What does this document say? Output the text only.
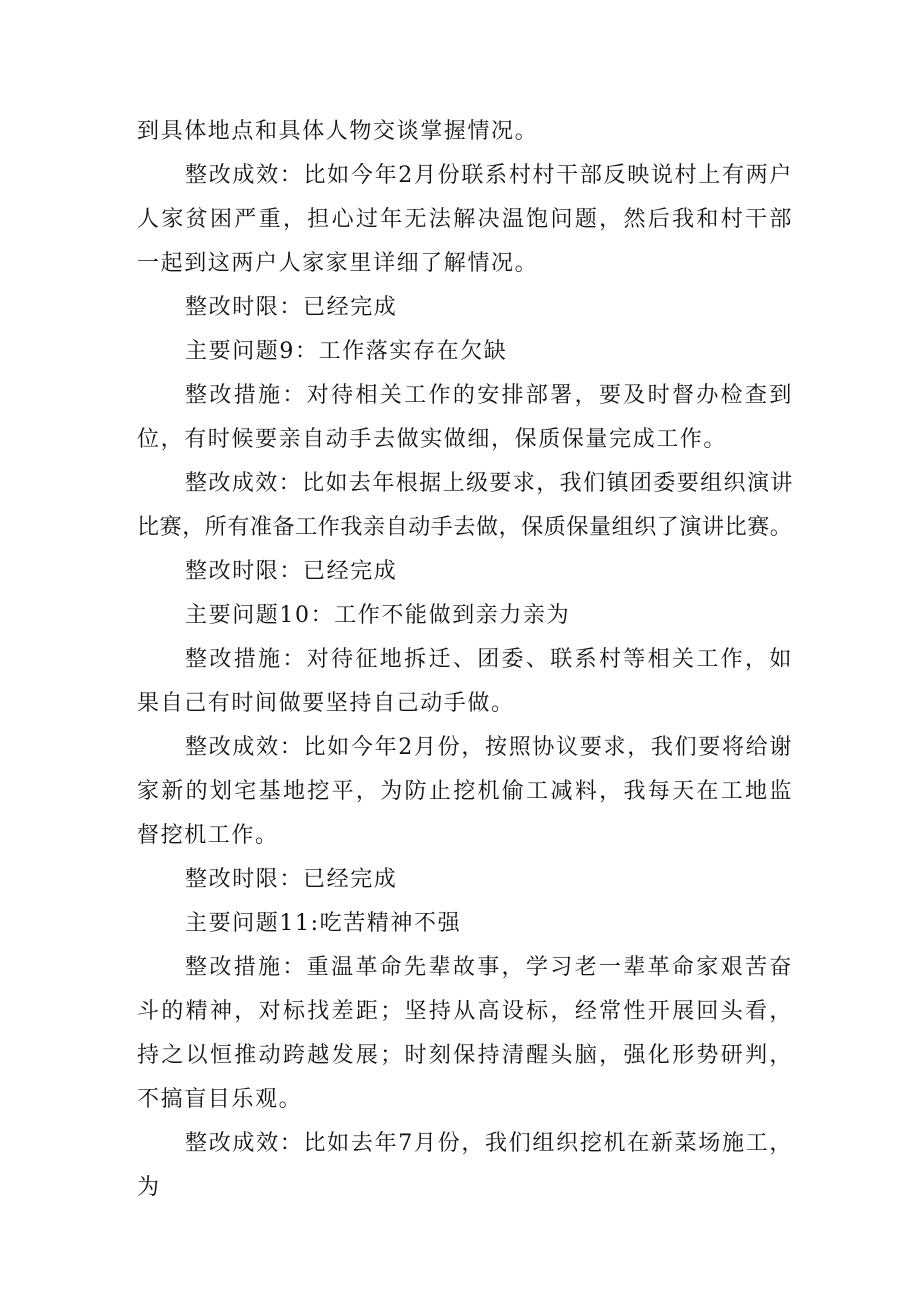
到具体地点和具体人物交谈掌握情况。

整改成效：比如今年2月份联系村村干部反映说村上有两户人家贫困严重，担心过年无法解决温饱问题，然后我和村干部一起到这两户人家家里详细了解情况。

整改时限：已经完成

主要问题9：工作落实存在欠缺

整改措施：对待相关工作的安排部署，要及时督办检查到位，有时候要亲自动手去做实做细，保质保量完成工作。

整改成效：比如去年根据上级要求，我们镇团委要组织演讲比赛，所有准备工作我亲自动手去做，保质保量组织了演讲比赛。

整改时限：已经完成

主要问题10：工作不能做到亲力亲为

整改措施：对待征地拆迁、团委、联系村等相关工作，如果自己有时间做要坚持自己动手做。

整改成效：比如今年2月份，按照协议要求，我们要将给谢家新的划宅基地挖平，为防止挖机偷工减料，我每天在工地监督挖机工作。

整改时限：已经完成

主要问题11:吃苦精神不强

整改措施：重温革命先辈故事，学习老一辈革命家艰苦奋斗的精神，对标找差距；坚持从高设标，经常性开展回头看，持之以恒推动跨越发展；时刻保持清醒头脑，强化形势研判，不搞盲目乐观。

整改成效：比如去年7月份，我们组织挖机在新菜场施工，为
